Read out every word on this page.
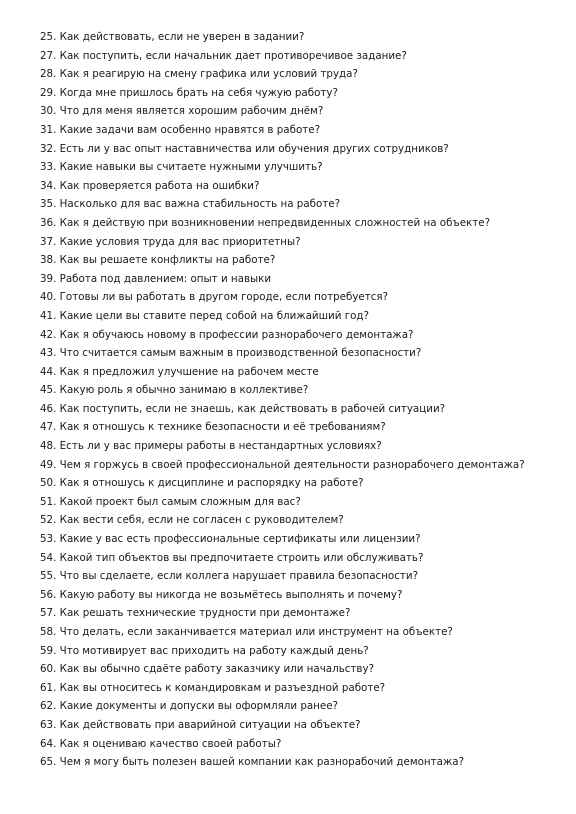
25. Как действовать, если не уверен в задании?
27. Как поступить, если начальник дает противоречивое задание?
28. Как я реагирую на смену графика или условий труда?
29. Когда мне пришлось брать на себя чужую работу?
30. Что для меня является хорошим рабочим днём?
31. Какие задачи вам особенно нравятся в работе?
32. Есть ли у вас опыт наставничества или обучения других сотрудников?
33. Какие навыки вы считаете нужными улучшить?
34. Как проверяется работа на ошибки?
35. Насколько для вас важна стабильность на работе?
36. Как я действую при возникновении непредвиденных сложностей на объекте?
37. Какие условия труда для вас приоритетны?
38. Как вы решаете конфликты на работе?
39. Работа под давлением: опыт и навыки
40. Готовы ли вы работать в другом городе, если потребуется?
41. Какие цели вы ставите перед собой на ближайший год?
42. Как я обучаюсь новому в профессии разнорабочего демонтажа?
43. Что считается самым важным в производственной безопасности?
44. Как я предложил улучшение на рабочем месте
45. Какую роль я обычно занимаю в коллективе?
46. Как поступить, если не знаешь, как действовать в рабочей ситуации?
47. Как я отношусь к технике безопасности и её требованиям?
48. Есть ли у вас примеры работы в нестандартных условиях?
49. Чем я горжусь в своей профессиональной деятельности разнорабочего демонтажа?
50. Как я отношусь к дисциплине и распорядку на работе?
51. Какой проект был самым сложным для вас?
52. Как вести себя, если не согласен с руководителем?
53. Какие у вас есть профессиональные сертификаты или лицензии?
54. Какой тип объектов вы предпочитаете строить или обслуживать?
55. Что вы сделаете, если коллега нарушает правила безопасности?
56. Какую работу вы никогда не возьмётесь выполнять и почему?
57. Как решать технические трудности при демонтаже?
58. Что делать, если заканчивается материал или инструмент на объекте?
59. Что мотивирует вас приходить на работу каждый день?
60. Как вы обычно сдаёте работу заказчику или начальству?
61. Как вы относитесь к командировкам и разъездной работе?
62. Какие документы и допуски вы оформляли ранее?
63. Как действовать при аварийной ситуации на объекте?
64. Как я оцениваю качество своей работы?
65. Чем я могу быть полезен вашей компании как разнорабочий демонтажа?
